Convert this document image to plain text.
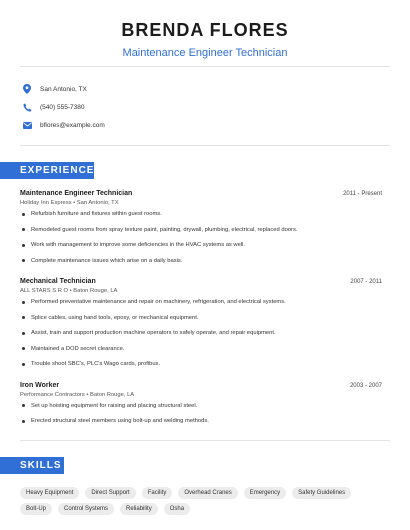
BRENDA FLORES
Maintenance Engineer Technician
San Antonio, TX
(540) 555-7380
bflores@example.com
EXPERIENCE
Maintenance Engineer Technician	2011 - Present
Holiday Inn Express • San Antonio, TX
Refurbish furniture and fixtures within guest rooms.
Remodeled guest rooms from spray texture paint, painting, drywall, plumbing, electrical, replaced doors.
Work with management to improve some deficiencies in the HVAC systems as well.
Complete maintenance issues which arise on a daily basis.
Mechanical Technician	2007 - 2011
ALL STARS S R O • Baton Rouge, LA
Performed preventative maintenance and repair on machinery, refrigeration, and electrical systems.
Splice cables, using hand tools, epoxy, or mechanical equipment.
Assist, train and support production machine operators to safely operate, and repair equipment.
Maintained a DOD secret clearance.
Trouble shoot SBC's, PLC's Wago cards, profibus.
Iron Worker	2003 - 2007
Performance Contractors • Baton Rouge, LA
Set up hoisting equipment for raising and placing structural steel.
Erected structural steel members using bolt-up and welding methods.
SKILLS
Heavy Equipment	Direct Support	Facility	Overhead Cranes	Emergency	Safety Guidelines
Bolt-Up	Control Systems	Reliability	Osha
